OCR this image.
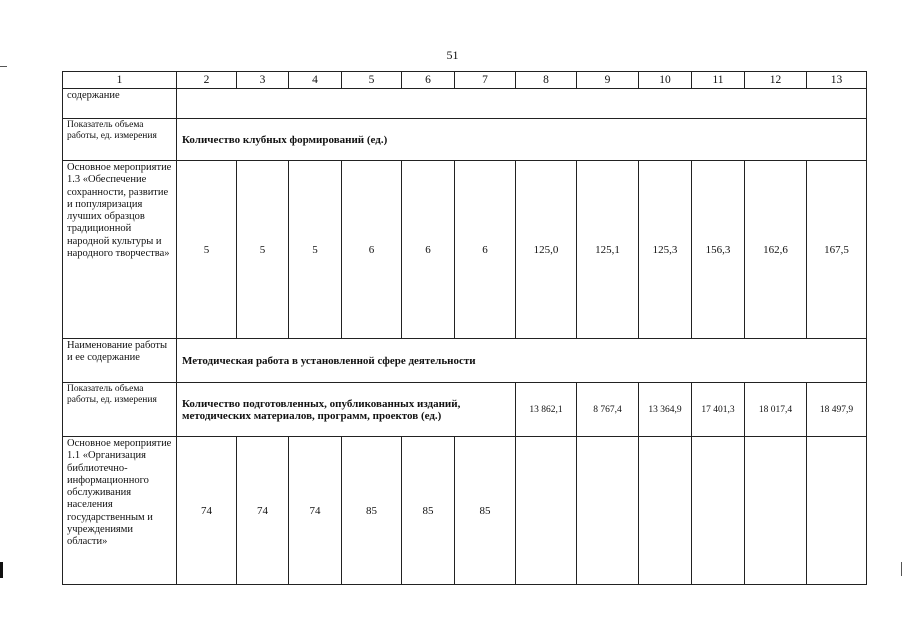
51
1	2	3	4	5	6	7	8	9	10	11	12	13
содержание												
Показатель объема работы, ед. измерения	Количество клубных формирований (ед.)											
Основное мероприятие 1.3 «Обеспечение сохранности, развитие и популяризация лучших образцов традиционной народной культуры и народного творчества»	5	5	5	6	6	6	125,0	125,1	125,3	156,3	162,6	167,5
Наименование работы и ее содержание	Методическая работа в установленной сфере деятельности											
Показатель объема работы, ед. измерения	Количество подготовленных, опубликованных изданий, методических материалов, программ, проектов (ед.)						13 862,1	8 767,4	13 364,9	17 401,3	18 017,4	18 497,9
Основное мероприятие 1.1 «Организация библиотечно-информационного обслуживания населения государственным и учреждениями области»	74	74	74	85	85	85						
